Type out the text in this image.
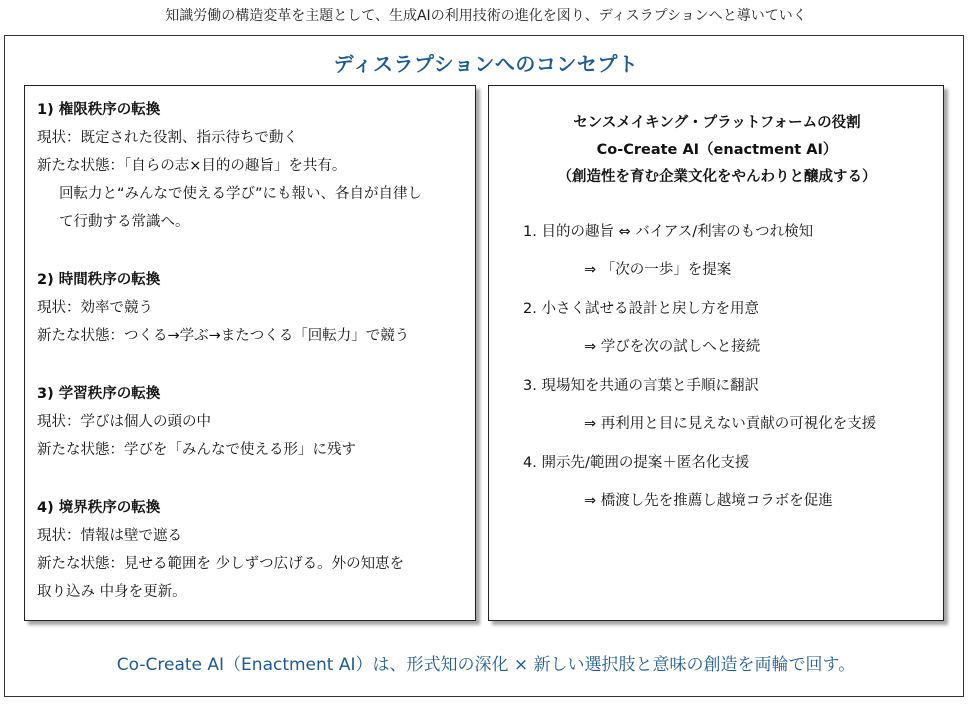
知識労働の構造変革を主題として、生成AIの利用技術の進化を図り、ディスラプションへと導いていく
ディスラプションへのコンセプト
1) 権限秩序の転換
現状：既定された役割、指示待ちで動く
新たな状態：「自らの志×目的の趣旨」を共有。
回転力と“みんなで使える学び”にも報い、各自が自律し
て行動する常識へ。
2) 時間秩序の転換
現状：効率で競う
新たな状態：つくる→学ぶ→またつくる「回転力」で競う
3) 学習秩序の転換
現状：学びは個人の頭の中
新たな状態：学びを「みんなで使える形」に残す
4) 境界秩序の転換
現状：情報は壁で遮る
新たな状態：見せる範囲を 少しずつ広げる。外の知恵を
取り込み 中身を更新。
センスメイキング・プラットフォームの役割
Co-Create AI（enactment AI）
（創造性を育む企業文化をやんわりと醸成する）
1. 目的の趣旨 ⇔ バイアス/利害のもつれ検知
⇒ 「次の一歩」を提案
2. 小さく試せる設計と戻し方を用意
⇒ 学びを次の試しへと接続
3. 現場知を共通の言葉と手順に翻訳
⇒ 再利用と目に見えない貢献の可視化を支援
4. 開示先/範囲の提案＋匿名化支援
⇒ 橋渡し先を推薦し越境コラボを促進
Co-Create AI（Enactment AI）は、形式知の深化 × 新しい選択肢と意味の創造を両輪で回す。
